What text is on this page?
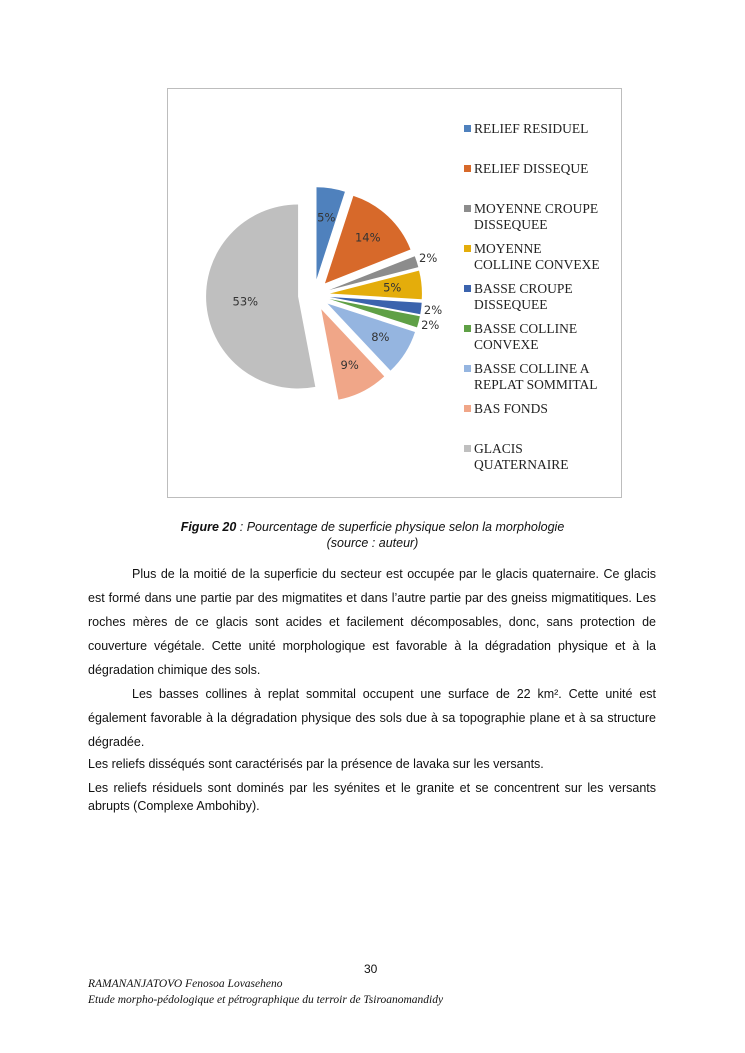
5%
14%
2%
5%
2%
2%
8%
9%
53%
RELIEF RESIDUEL
RELIEF DISSEQUE
MOYENNE CROUPE
DISSEQUEE
MOYENNE
COLLINE CONVEXE
BASSE CROUPE
DISSEQUEE
BASSE COLLINE
CONVEXE
BASSE COLLINE A
REPLAT SOMMITAL
BAS FONDS
GLACIS
QUATERNAIRE
Figure 20 : Pourcentage de superficie physique selon la morphologie
(source : auteur)

Plus de la moitié de la superficie du secteur est occupée par le glacis quaternaire. Ce glacis est formé dans une partie par des migmatites et dans l’autre partie par des gneiss migmatitiques. Les roches mères de ce glacis sont acides et facilement décomposables, donc, sans protection de couverture végétale. Cette unité morphologique est favorable à la dégradation physique et à la dégradation chimique des sols.

Les basses collines à replat sommital occupent une surface de 22 km². Cette unité est également favorable à la dégradation physique des sols due à sa topographie plane et à sa structure dégradée.

Les reliefs disséqués sont caractérisés par la présence de lavaka sur les versants.

Les reliefs résiduels sont dominés par les syénites et le granite et se concentrent sur les versants abrupts (Complexe Ambohiby).

30
RAMANANJATOVO Fenosoa Lovaseheno
Etude morpho-pédologique et pétrographique du terroir de Tsiroanomandidy
